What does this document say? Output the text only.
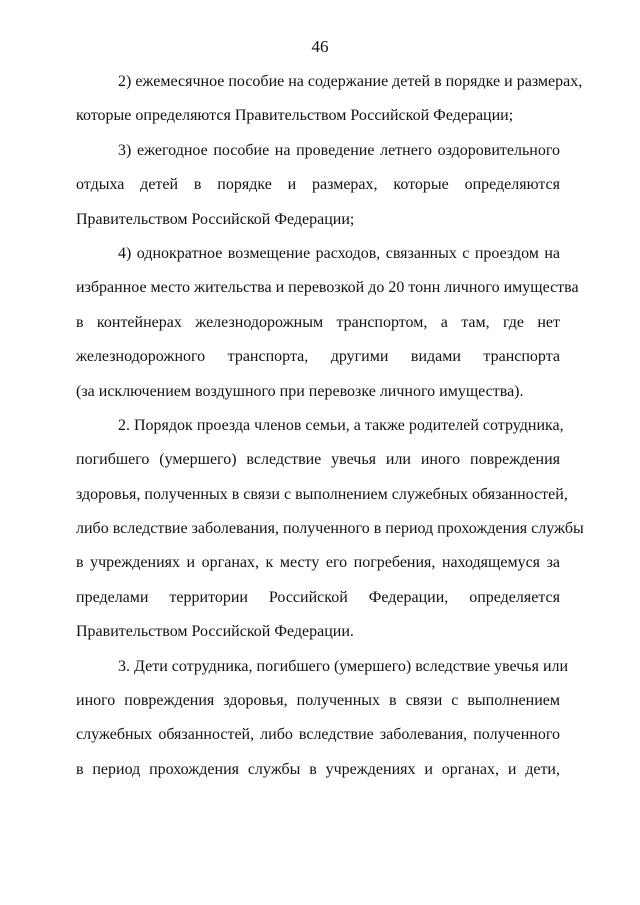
46
2) ежемесячное пособие на содержание детей в порядке и размерах,
которые определяются Правительством Российской Федерации;
3) ежегодное пособие на проведение летнего оздоровительного
отдыха детей в порядке и размерах, которые определяются
Правительством Российской Федерации;
4) однократное возмещение расходов, связанных с проездом на
избранное место жительства и перевозкой до 20 тонн личного имущества
в контейнерах железнодорожным транспортом, а там, где нет
железнодорожного транспорта, другими видами транспорта
(за исключением воздушного при перевозке личного имущества).
2. Порядок проезда членов семьи, а также родителей сотрудника,
погибшего (умершего) вследствие увечья или иного повреждения
здоровья, полученных в связи с выполнением служебных обязанностей,
либо вследствие заболевания, полученного в период прохождения службы
в учреждениях и органах, к месту его погребения, находящемуся за
пределами территории Российской Федерации, определяется
Правительством Российской Федерации.
3. Дети сотрудника, погибшего (умершего) вследствие увечья или
иного повреждения здоровья, полученных в связи с выполнением
служебных обязанностей, либо вследствие заболевания, полученного
в период прохождения службы в учреждениях и органах, и дети,
